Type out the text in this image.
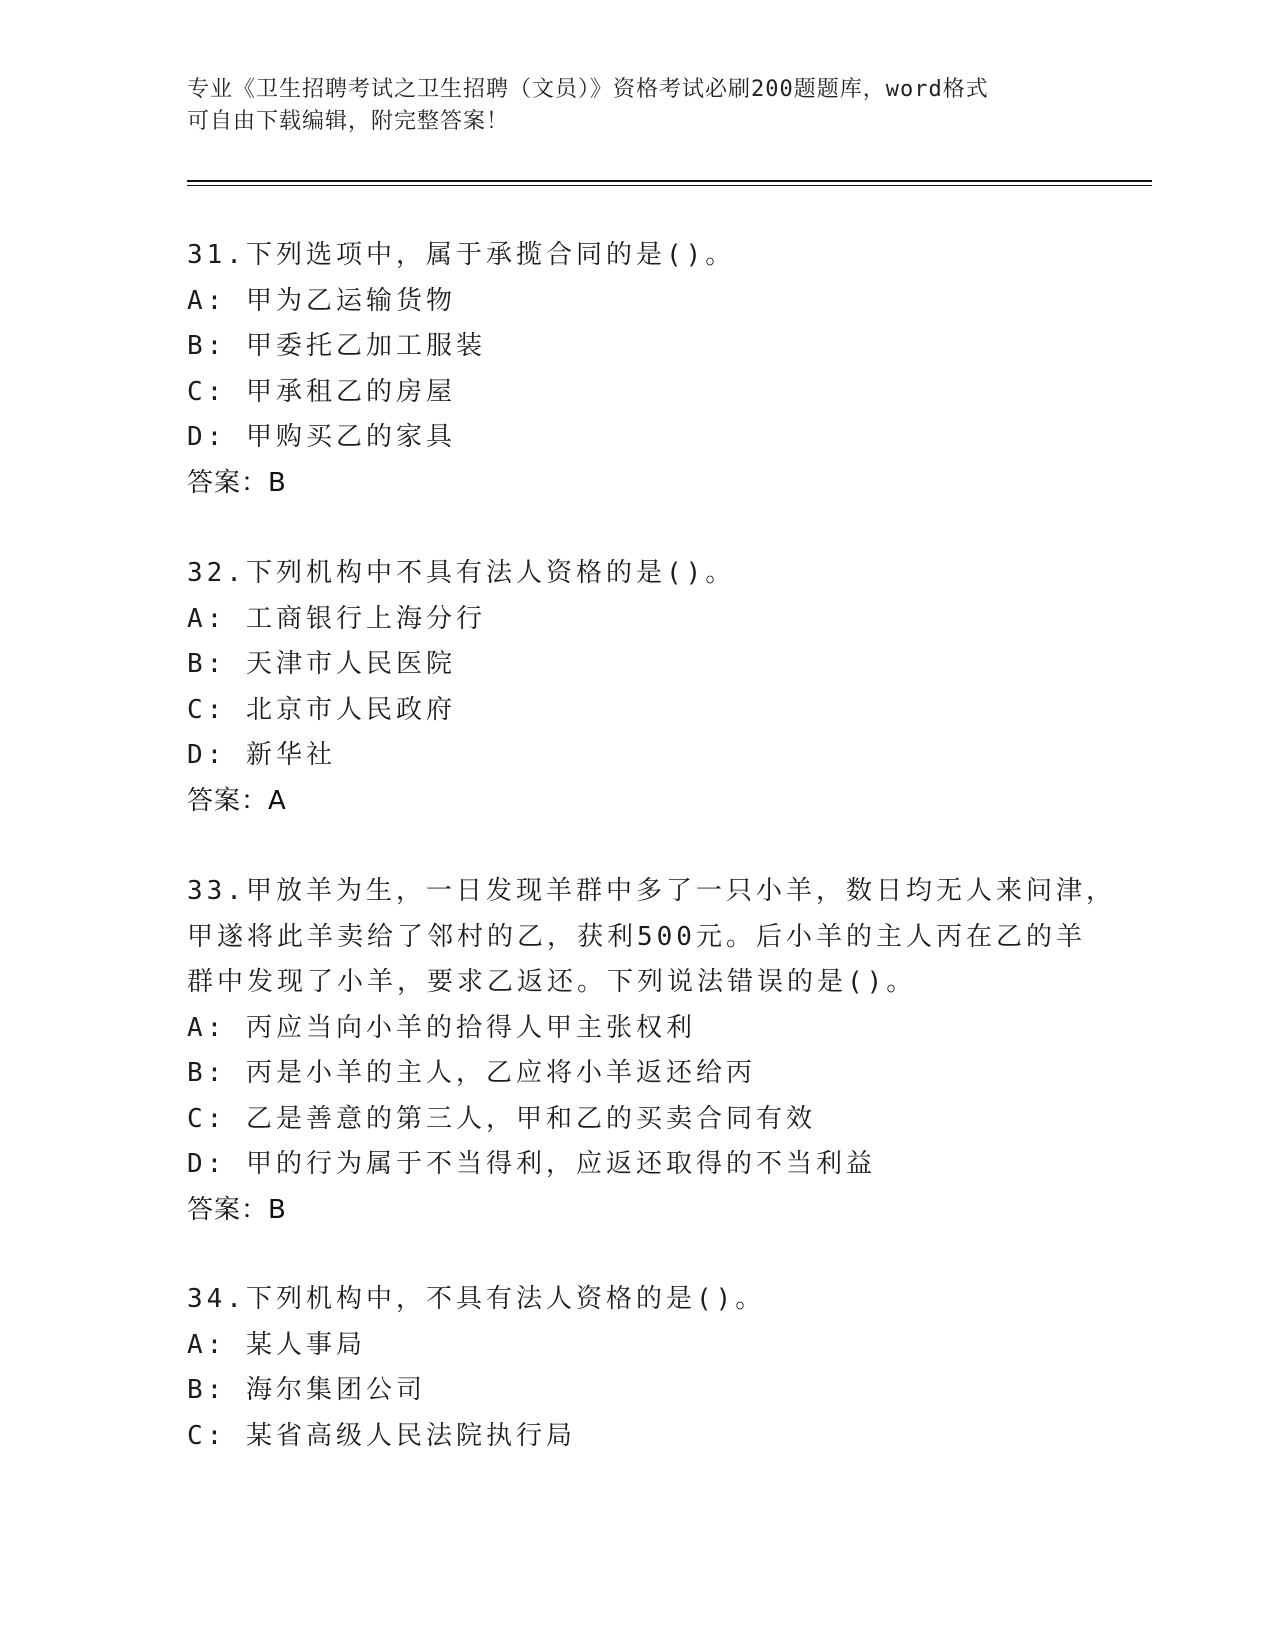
专业《卫生招聘考试之卫生招聘（文员）》资格考试必刷200题题库，word格式
可自由下载编辑，附完整答案！
31.下列选项中，属于承揽合同的是()。
A: 甲为乙运输货物
B: 甲委托乙加工服装
C: 甲承租乙的房屋
D: 甲购买乙的家具
答案：B
32.下列机构中不具有法人资格的是()。
A: 工商银行上海分行
B: 天津市人民医院
C: 北京市人民政府
D: 新华社
答案：A
33.甲放羊为生，一日发现羊群中多了一只小羊，数日均无人来问津，
甲遂将此羊卖给了邻村的乙，获利500元。后小羊的主人丙在乙的羊
群中发现了小羊，要求乙返还。下列说法错误的是()。
A: 丙应当向小羊的拾得人甲主张权利
B: 丙是小羊的主人，乙应将小羊返还给丙
C: 乙是善意的第三人，甲和乙的买卖合同有效
D: 甲的行为属于不当得利，应返还取得的不当利益
答案：B
34.下列机构中，不具有法人资格的是()。
A: 某人事局
B: 海尔集团公司
C: 某省高级人民法院执行局
